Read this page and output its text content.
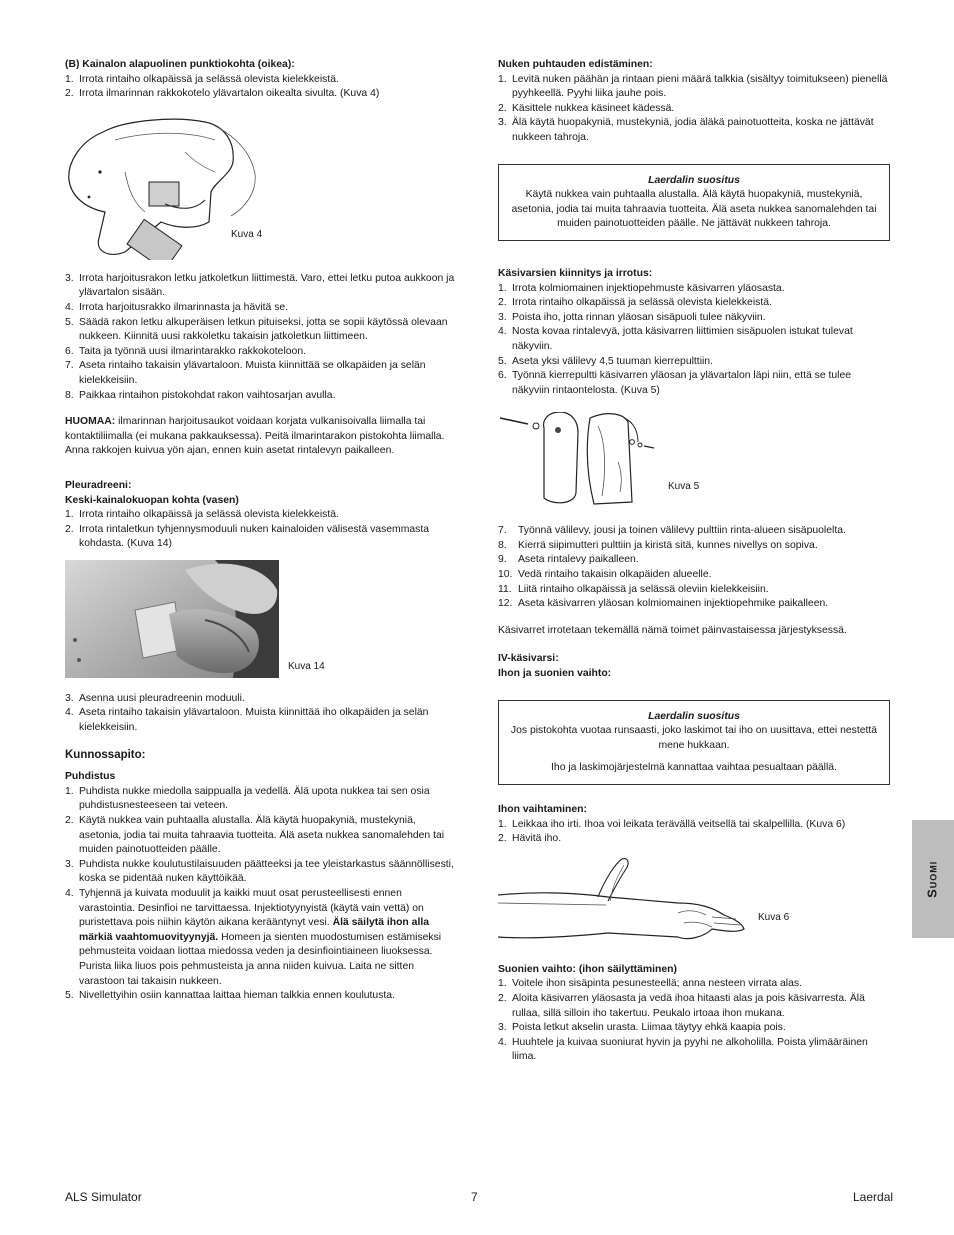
(B) Kainalon alapuolinen punktiokohta (oikea):
1. Irrota rintaiho olkapäissä ja selässä olevista kielekkeistä.
2. Irrota ilmarinnan rakkokotelo ylävartalon oikealta sivulta. (Kuva 4)
Kuva 4
3. Irrota harjoitusrakon letku jatkoletkun liittimestä. Varo, ettei letku putoa aukkoon ja ylävartalon sisään.
4. Irrota harjoitusrakko ilmarinnasta ja hävitä se.
5. Säädä rakon letku alkuperäisen letkun pituiseksi, jotta se sopii käytössä olevaan nukkeen. Kiinnitä uusi rakkoletku takaisin jatkoletkun liittimeen.
6. Taita ja työnnä uusi ilmarintarakko rakkokoteloon.
7. Aseta rintaiho takaisin ylävartaloon. Muista kiinnittää se olkapäiden ja selän kielekkeisiin.
8. Paikkaa rintaihon pistokohdat rakon vaihtosarjan avulla.
HUOMAA: ilmarinnan harjoitusaukot voidaan korjata vulkanisoivalla liimalla tai kontaktiliimalla (ei mukana pakkauksessa). Peitä ilmarintarakon pistokohta liimalla. Anna rakkojen kuivua yön ajan, ennen kuin asetat rintalevyn paikalleen.
Pleuradreeni:
Keski-kainalokuopan kohta (vasen)
1. Irrota rintaiho olkapäissä ja selässä olevista kielekkeistä.
2. Irrota rintaletkun tyhjennysmoduuli nuken kainaloiden välisestä vasemmasta kohdasta. (Kuva 14)
Kuva 14
3. Asenna uusi pleuradreenin moduuli.
4. Aseta rintaiho takaisin ylävartaloon. Muista kiinnittää iho olkapäiden ja selän kielekkeisiin.
Kunnossapito:
Puhdistus
1. Puhdista nukke miedolla saippualla ja vedellä. Älä upota nukkea tai sen osia puhdistusnesteeseen tai veteen.
2. Käytä nukkea vain puhtaalla alustalla. Älä käytä huopakyniä, mustekyniä, asetonia, jodia tai muita tahraavia tuotteita. Älä aseta nukkea sanomalehden tai muiden painotuotteiden päälle.
3. Puhdista nukke koulutustilaisuuden päätteeksi ja tee yleistarkastus säännöllisesti, koska se pidentää nuken käyttöikää.
4. Tyhjennä ja kuivata moduulit ja kaikki muut osat perusteellisesti ennen varastointia. Desinfioi ne tarvittaessa. Injektiotyynyistä (käytä vain vettä) on puristettava pois niihin käytön aikana kerääntynyt vesi. Älä säilytä ihon alla märkiä vaahtomuovityynyjä. Homeen ja sienten muodostumisen estämiseksi pehmusteita voidaan liottaa miedossa veden ja desinfiointiaineen liuoksessa. Purista liika liuos pois pehmusteista ja anna niiden kuivua. Laita ne sitten varastoon tai takaisin nukkeen.
5. Nivellettyihin osiin kannattaa laittaa hieman talkkia ennen koulutusta.
Nuken puhtauden edistäminen:
1. Levitä nuken päähän ja rintaan pieni määrä talkkia (sisältyy toimitukseen) pienellä pyyhkeellä. Pyyhi liika jauhe pois.
2. Käsittele nukkea käsineet kädessä.
3. Älä käytä huopakyniä, mustekyniä, jodia äläkä painotuotteita, koska ne jättävät nukkeen tahroja.
Laerdalin suositus
Käytä nukkea vain puhtaalla alustalla. Älä käytä huopakyniä, mustekyniä, asetonia, jodia tai muita tahraavia tuotteita. Älä aseta nukkea sanomalehden tai muiden painotuotteiden päälle. Ne jättävät nukkeen tahroja.
Käsivarsien kiinnitys ja irrotus:
1. Irrota kolmiomainen injektiopehmuste käsivarren yläosasta.
2. Irrota rintaiho olkapäissä ja selässä olevista kielekkeistä.
3. Poista iho, jotta rinnan yläosan sisäpuoli tulee näkyviin.
4. Nosta kovaa rintalevyä, jotta käsivarren liittimien sisäpuolen istukat tulevat näkyviin.
5. Aseta yksi välilevy 4,5 tuuman kierrepulttiin.
6. Työnnä kierrepultti käsivarren yläosan ja ylävartalon läpi niin, että se tulee näkyviin rintaontelosta. (Kuva 5)
Kuva 5
7. Työnnä välilevy, jousi ja toinen välilevy pulttiin rinta-alueen sisäpuolelta.
8. Kierrä siipimutteri pulttiin ja kiristä sitä, kunnes nivellys on sopiva.
9. Aseta rintalevy paikalleen.
10. Vedä rintaiho takaisin olkapäiden alueelle.
11. Liitä rintaiho olkapäissä ja selässä oleviin kielekkeisiin.
12. Aseta käsivarren yläosan kolmiomainen injektiopehmike paikalleen.
Käsivarret irrotetaan tekemällä nämä toimet päinvastaisessa järjestyksessä.
IV-käsivarsi:
Ihon ja suonien vaihto:
Laerdalin suositus
Jos pistokohta vuotaa runsaasti, joko laskimot tai iho on uusittava, ettei nestettä mene hukkaan.
Iho ja laskimojärjestelmä kannattaa vaihtaa pesualtaan päällä.
Ihon vaihtaminen:
1. Leikkaa iho irti. Ihoa voi leikata terävällä veitsellä tai skalpellilla. (Kuva 6)
2. Hävitä iho.
Kuva 6
Suonien vaihto: (ihon säilyttäminen)
1. Voitele ihon sisäpinta pesunesteellä; anna nesteen virrata alas.
2. Aloita käsivarren yläosasta ja vedä ihoa hitaasti alas ja pois käsivarresta. Älä rullaa, sillä silloin iho takertuu. Peukalo irtoaa ihon mukana.
3. Poista letkut akselin urasta. Liimaa täytyy ehkä kaapia pois.
4. Huuhtele ja kuivaa suoniurat hyvin ja pyyhi ne alkoholilla. Poista ylimääräinen liima.
Suomi
ALS Simulator	7	Laerdal
